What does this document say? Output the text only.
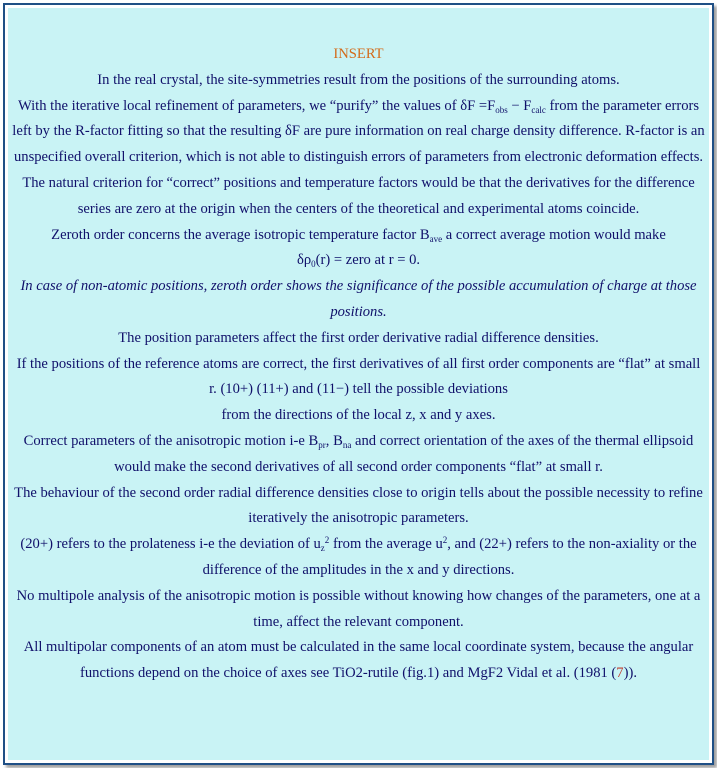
INSERT

In the real crystal, the site-symmetries result from the positions of the surrounding atoms.

With the iterative local refinement of parameters, we “purify” the values of $\delta F =F_{obs} - F_{calc}$ from the parameter errors left by the R-factor fitting so that the resulting δF are pure information on real charge density difference. R-factor is an unspecified overall criterion, which is not able to distinguish errors of parameters from electronic deformation effects.

The natural criterion for “correct” positions and temperature factors would be that the derivatives for the difference series are zero at the origin when the centers of the theoretical and experimental atoms coincide.

Zeroth order concerns the average isotropic temperature factor $B_{ave}$ a correct average motion would make

$\delta\rho_0(r)$ = zero at r = 0.

In case of non-atomic positions, zeroth order shows the significance of the possible accumulation of charge at those positions.

The position parameters affect the first order derivative radial difference densities.

If the positions of the reference atoms are correct, the first derivatives of all first order components are “flat” at small r. (10+) (11+) and (11−) tell the possible deviations

from the directions of the local z, x and y axes.

Correct parameters of the anisotropic motion i-e $B_{pr}$, $B_{na}$ and correct orientation of the axes of the thermal ellipsoid would make the second derivatives of all second order components “flat” at small r.

The behaviour of the second order radial difference densities close to origin tells about the possible necessity to refine iteratively the anisotropic parameters.

(20+) refers to the prolateness i-e the deviation of $u_z^2$ from the average $u^2$, and (22+) refers to the non-axiality or the difference of the amplitudes in the x and y directions.

No multipole analysis of the anisotropic motion is possible without knowing how changes of the parameters, one at a time, affect the relevant component.

All multipolar components of an atom must be calculated in the same local coordinate system, because the angular functions depend on the choice of axes see TiO2-rutile (fig.1) and MgF2 Vidal et al. (1981 (7)).
